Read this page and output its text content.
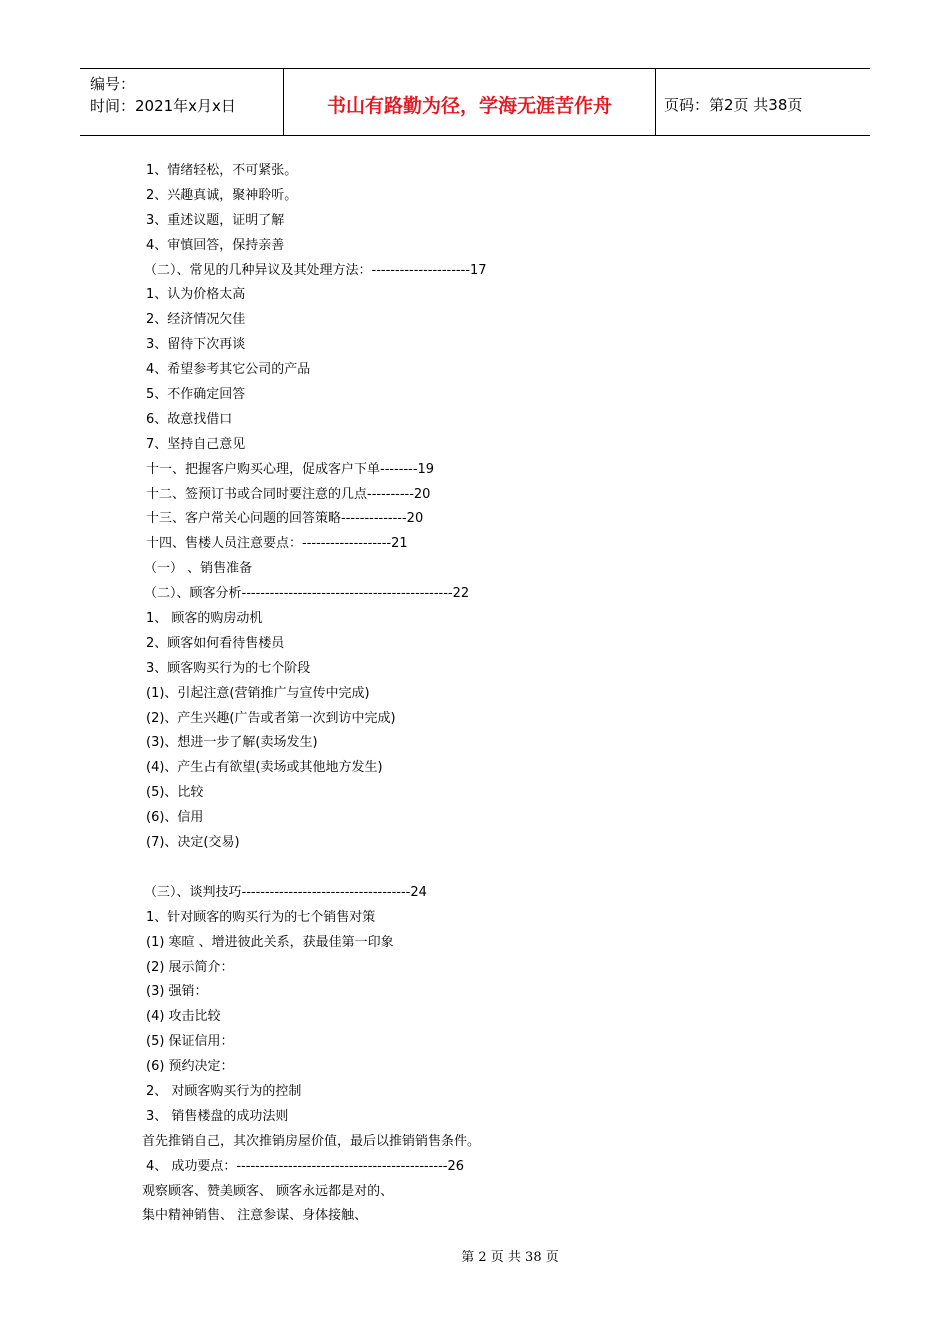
编号：
时间：2021年x月x日	书山有路勤为径，学海无涯苦作舟	页码：第2页 共38页
1、情绪轻松，不可紧张。
2、兴趣真诚，聚神聆听。
3、重述议题，证明了解
4、审慎回答，保持亲善
（二）、常见的几种异议及其处理方法：---------------------17
1、认为价格太高
2、经济情况欠佳
3、留待下次再谈
4、希望参考其它公司的产品
5、不作确定回答
6、故意找借口
7、坚持自己意见
十一、把握客户购买心理，促成客户下单--------19
十二、签预订书或合同时要注意的几点----------20
十三、客户常关心问题的回答策略--------------20
十四、售楼人员注意要点：-------------------21
（一） 、销售准备
（二）、顾客分析---------------------------------------------22
1、 顾客的购房动机
2、顾客如何看待售楼员
3、顾客购买行为的七个阶段
(1)、引起注意(营销推广与宣传中完成)
(2)、产生兴趣(广告或者第一次到访中完成)
(3)、想进一步了解(卖场发生)
(4)、产生占有欲望(卖场或其他地方发生)
(5)、比较
(6)、信用
(7)、决定(交易)
（三）、谈判技巧------------------------------------24
1、针对顾客的购买行为的七个销售对策
(1) 寒暄 、增进彼此关系，获最佳第一印象
(2) 展示简介：
(3) 强销：
(4) 攻击比较
(5) 保证信用：
(6) 预约决定：
2、 对顾客购买行为的控制
3、 销售楼盘的成功法则
首先推销自己，其次推销房屋价值，最后以推销销售条件。
4、 成功要点：---------------------------------------------26
观察顾客、赞美顾客、 顾客永远都是对的、
集中精神销售、 注意参谋、身体接触、
第 2 页 共 38 页
